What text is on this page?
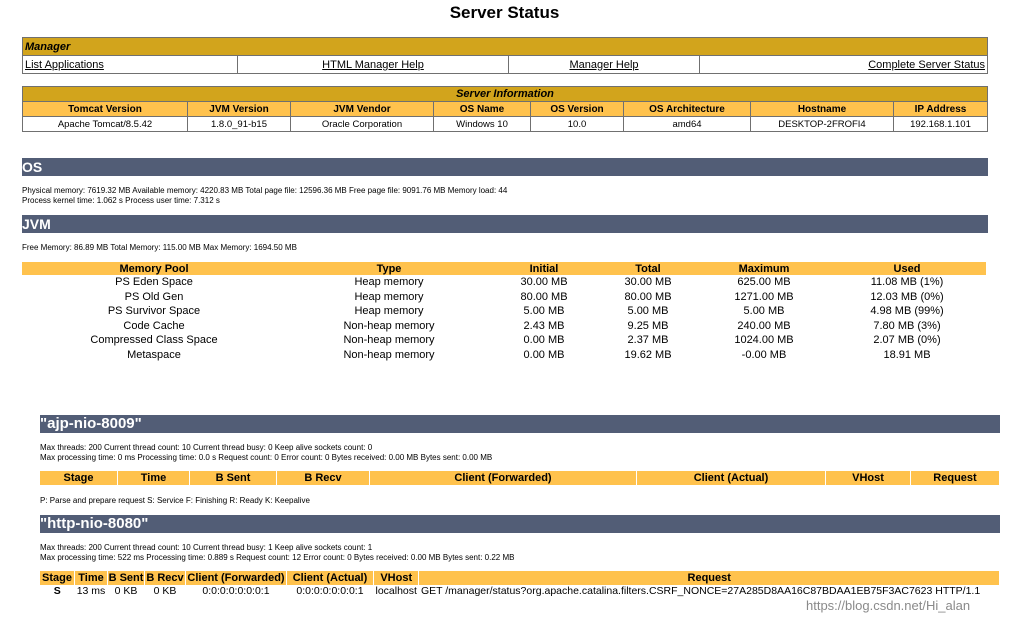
Server Status
Manager
List Applications	HTML Manager Help	Manager Help	Complete Server Status
Server Information							
Tomcat Version	JVM Version	JVM Vendor	OS Name	OS Version	OS Architecture	Hostname	IP Address
Apache Tomcat/8.5.42	1.8.0_91-b15	Oracle Corporation	Windows 10	10.0	amd64	DESKTOP-2FROFI4	192.168.1.101
OS
Physical memory: 7619.32 MB Available memory: 4220.83 MB Total page file: 12596.36 MB Free page file: 9091.76 MB Memory load: 44
Process kernel time: 1.062 s Process user time: 7.312 s
JVM
Free Memory: 86.89 MB Total Memory: 115.00 MB Max Memory: 1694.50 MB
Memory Pool	Type	Initial	Total	Maximum	Used
PS Eden Space	Heap memory	30.00 MB	30.00 MB	625.00 MB	11.08 MB (1%)
PS Old Gen	Heap memory	80.00 MB	80.00 MB	1271.00 MB	12.03 MB (0%)
PS Survivor Space	Heap memory	5.00 MB	5.00 MB	5.00 MB	4.98 MB (99%)
Code Cache	Non-heap memory	2.43 MB	9.25 MB	240.00 MB	7.80 MB (3%)
Compressed Class Space	Non-heap memory	0.00 MB	2.37 MB	1024.00 MB	2.07 MB (0%)
Metaspace	Non-heap memory	0.00 MB	19.62 MB	-0.00 MB	18.91 MB
"ajp-nio-8009"
Max threads: 200 Current thread count: 10 Current thread busy: 0 Keep alive sockets count: 0
Max processing time: 0 ms Processing time: 0.0 s Request count: 0 Error count: 0 Bytes received: 0.00 MB Bytes sent: 0.00 MB
Stage	Time	B Sent	B Recv	Client (Forwarded)	Client (Actual)	VHost	Request
P: Parse and prepare request S: Service F: Finishing R: Ready K: Keepalive
"http-nio-8080"
Max threads: 200 Current thread count: 10 Current thread busy: 1 Keep alive sockets count: 1
Max processing time: 522 ms Processing time: 0.889 s Request count: 12 Error count: 0 Bytes received: 0.00 MB Bytes sent: 0.22 MB
Stage	Time	B Sent	B Recv	Client (Forwarded)	Client (Actual)	VHost	Request
S	13 ms	0 KB	0 KB	0:0:0:0:0:0:0:1	0:0:0:0:0:0:0:1	localhost	GET /manager/status?org.apache.catalina.filters.CSRF_NONCE=27A285D8AA16C87BDAA1EB75F3AC7623 HTTP/1.1
https://blog.csdn.net/Hi_alan
